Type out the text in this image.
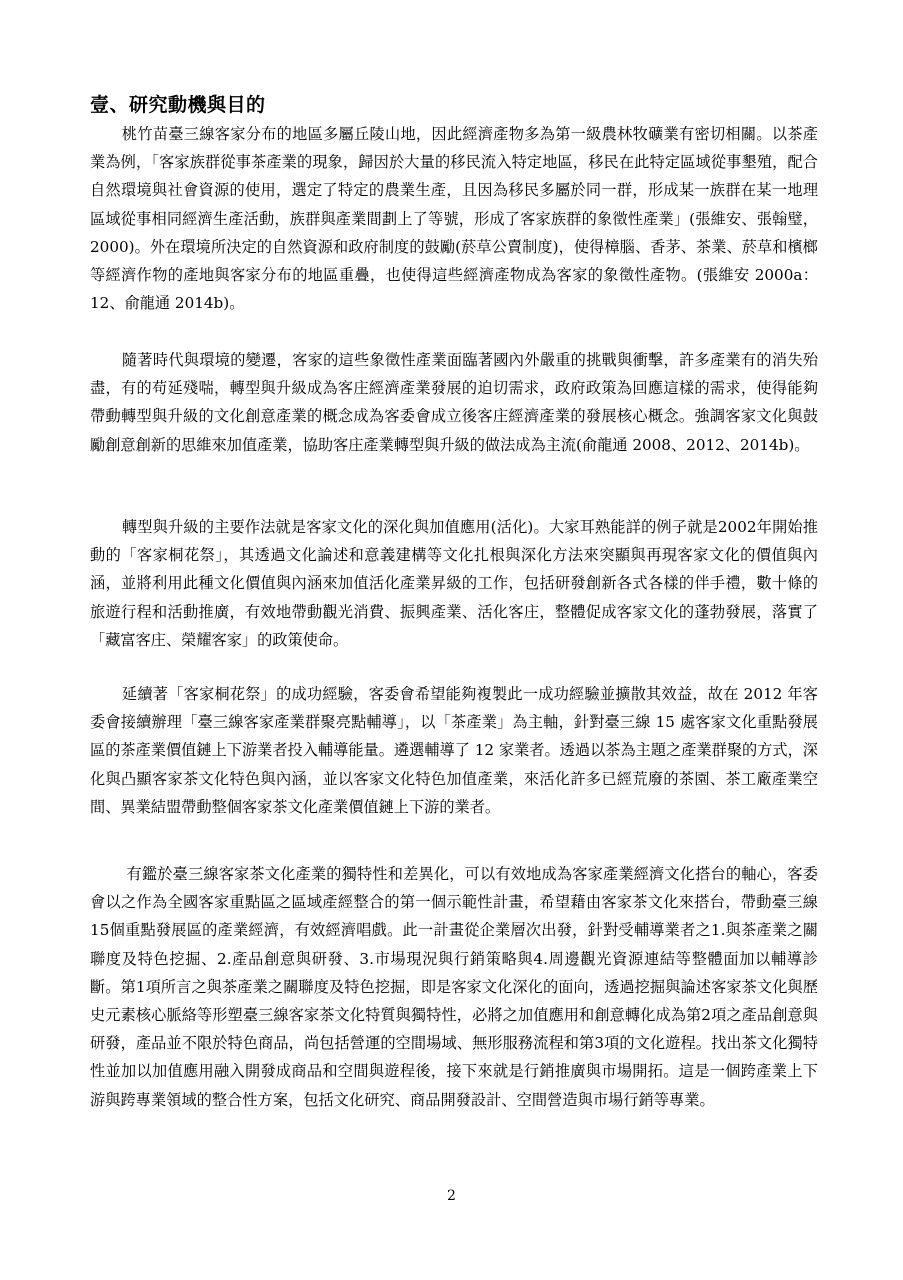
壹、研究動機與目的

桃竹苗臺三線客家分布的地區多屬丘陵山地，因此經濟產物多為第一級農林牧礦業有密切相關。以茶產業為例，「客家族群從事茶產業的現象，歸因於大量的移民流入特定地區，移民在此特定區域從事墾殖，配合自然環境與社會資源的使用，選定了特定的農業生產，且因為移民多屬於同一群，形成某一族群在某一地理區域從事相同經濟生產活動，族群與產業間劃上了等號，形成了客家族群的象徵性產業」(張維安、張翰璧，2000)。外在環境所決定的自然資源和政府制度的鼓勵(菸草公賣制度)，使得樟腦、香茅、茶業、菸草和檳榔等經濟作物的產地與客家分布的地區重疊，也使得這些經濟產物成為客家的象徵性產物。(張維安 2000a：12、俞龍通 2014b)。

隨著時代與環境的變遷，客家的這些象徵性產業面臨著國內外嚴重的挑戰與衝擊，許多產業有的消失殆盡，有的苟延殘喘，轉型與升級成為客庄經濟產業發展的迫切需求，政府政策為回應這樣的需求，使得能夠帶動轉型與升級的文化創意產業的概念成為客委會成立後客庄經濟產業的發展核心概念。強調客家文化與鼓勵創意創新的思維來加值產業，協助客庄產業轉型與升級的做法成為主流(俞龍通 2008、2012、2014b)。

轉型與升級的主要作法就是客家文化的深化與加值應用(活化)。大家耳熟能詳的例子就是2002年開始推動的「客家桐花祭」，其透過文化論述和意義建構等文化扎根與深化方法來突顯與再現客家文化的價值與內涵，並將利用此種文化價值與內涵來加值活化產業昇級的工作，包括研發創新各式各樣的伴手禮，數十條的旅遊行程和活動推廣，有效地帶動觀光消費、振興產業、活化客庄，整體促成客家文化的蓬勃發展，落實了「藏富客庄、榮耀客家」的政策使命。

延續著「客家桐花祭」的成功經驗，客委會希望能夠複製此一成功經驗並擴散其效益，故在 2012 年客委會接續辦理「臺三線客家產業群聚亮點輔導」，以「茶產業」為主軸，針對臺三線 15 處客家文化重點發展區的茶產業價值鏈上下游業者投入輔導能量。遴選輔導了 12 家業者。透過以茶為主題之產業群聚的方式，深化與凸顯客家茶文化特色與內涵，並以客家文化特色加值產業，來活化許多已經荒廢的茶園、茶工廠產業空間、異業結盟帶動整個客家茶文化產業價值鏈上下游的業者。

有鑑於臺三線客家茶文化產業的獨特性和差異化，可以有效地成為客家產業經濟文化搭台的軸心，客委會以之作為全國客家重點區之區域產經整合的第一個示範性計畫，希望藉由客家茶文化來搭台，帶動臺三線15個重點發展區的產業經濟，有效經濟唱戲。此一計畫從企業層次出發，針對受輔導業者之1.與茶產業之關聯度及特色挖掘、2.產品創意與研發、3.市場現況與行銷策略與4.周邊觀光資源連結等整體面加以輔導診斷。第1項所言之與茶產業之關聯度及特色挖掘，即是客家文化深化的面向，透過挖掘與論述客家茶文化與歷史元素核心脈絡等形塑臺三線客家茶文化特質與獨特性，必將之加值應用和創意轉化成為第2項之產品創意與研發，產品並不限於特色商品，尚包括營運的空間場域、無形服務流程和第3項的文化遊程。找出茶文化獨特性並加以加值應用融入開發成商品和空間與遊程後，接下來就是行銷推廣與市場開拓。這是一個跨產業上下游與跨專業領域的整合性方案，包括文化研究、商品開發設計、空間營造與市場行銷等專業。

2
